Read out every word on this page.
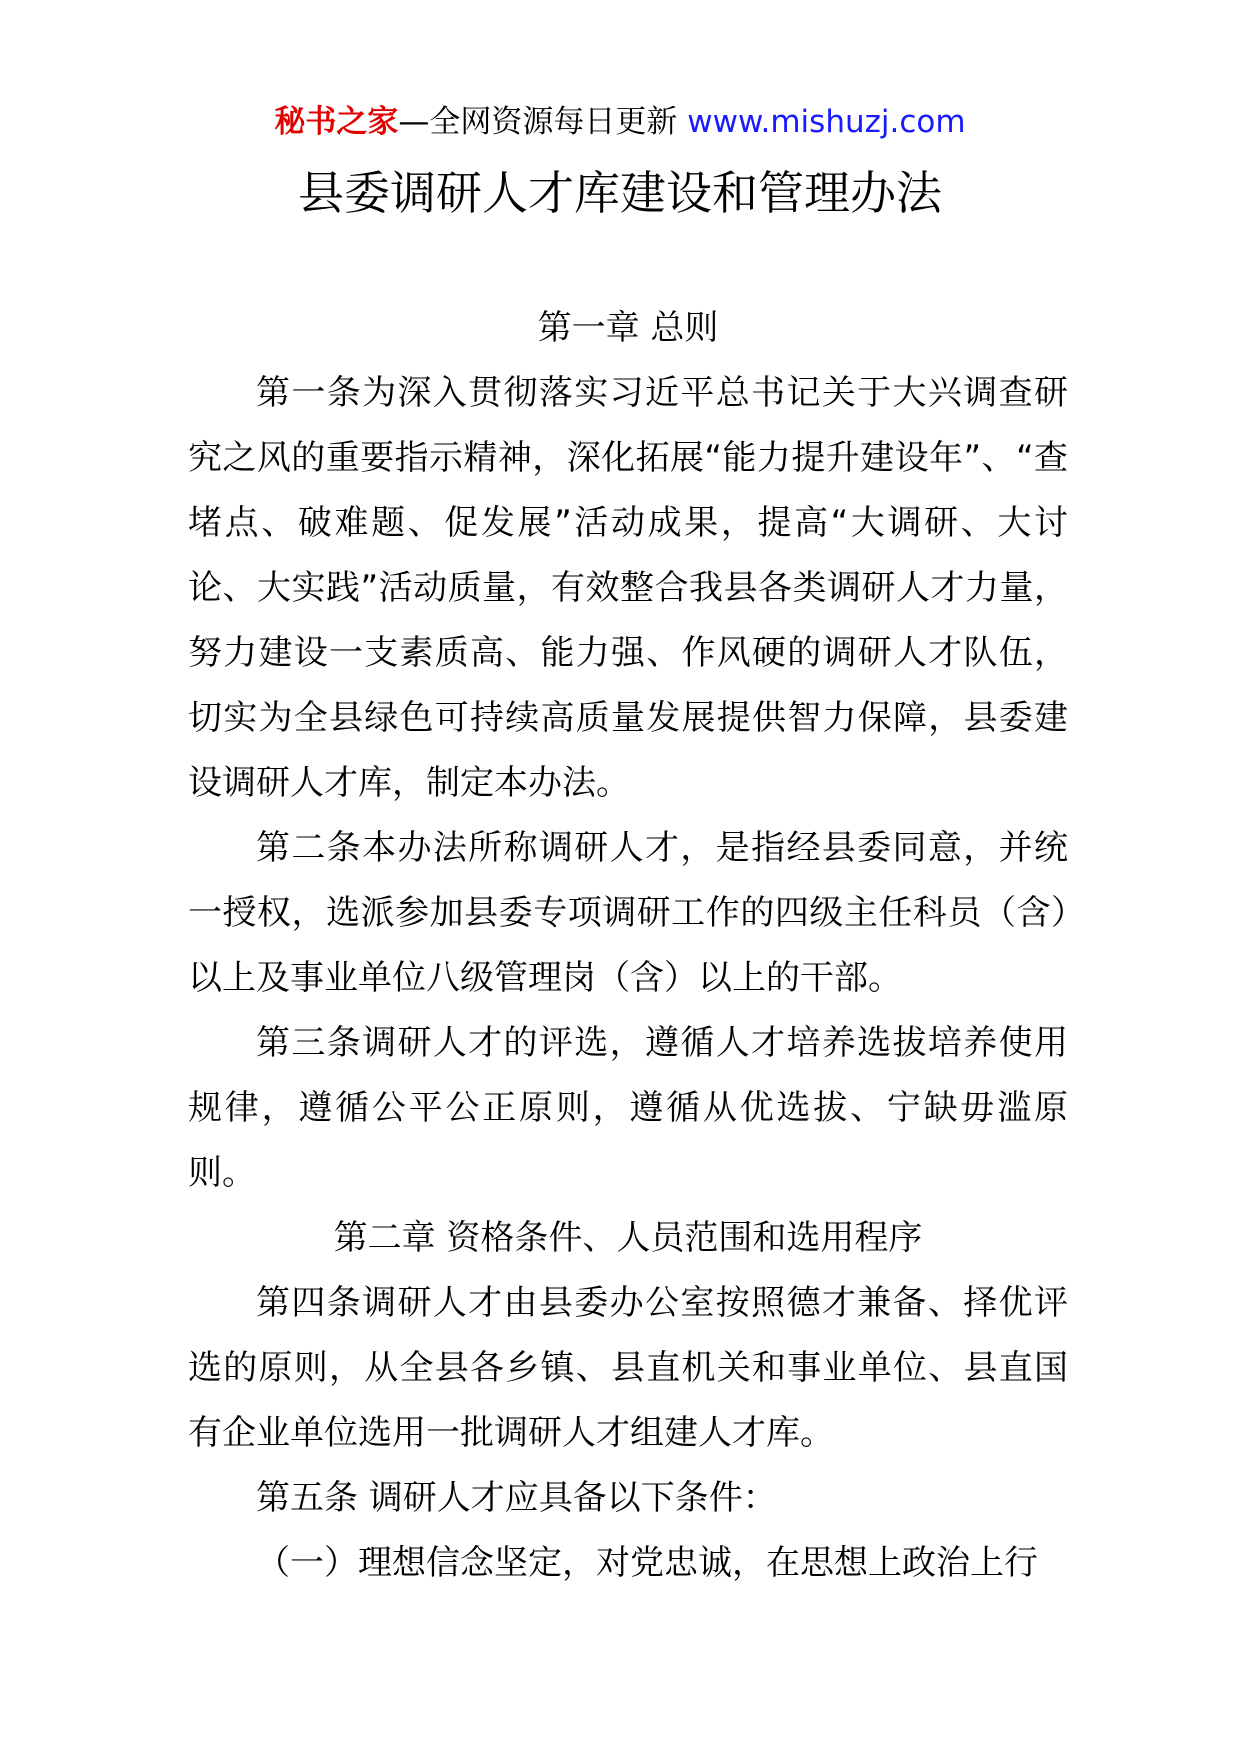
秘书之家—全网资源每日更新 www.mishuzj.com
县委调研人才库建设和管理办法

第一章 总则

第一条为深入贯彻落实习近平总书记关于大兴调查研究之风的重要指示精神，深化拓展“能力提升建设年”、“查堵点、破难题、促发展”活动成果，提高“大调研、大讨论、大实践”活动质量，有效整合我县各类调研人才力量，努力建设一支素质高、能力强、作风硬的调研人才队伍，切实为全县绿色可持续高质量发展提供智力保障，县委建设调研人才库，制定本办法。

第二条本办法所称调研人才，是指经县委同意，并统一授权，选派参加县委专项调研工作的四级主任科员（含）以上及事业单位八级管理岗（含）以上的干部。

第三条调研人才的评选，遵循人才培养选拔培养使用规律，遵循公平公正原则，遵循从优选拔、宁缺毋滥原则。

第二章 资格条件、人员范围和选用程序

第四条调研人才由县委办公室按照德才兼备、择优评选的原则，从全县各乡镇、县直机关和事业单位、县直国有企业单位选用一批调研人才组建人才库。

第五条 调研人才应具备以下条件：

（一）理想信念坚定，对党忠诚，在思想上政治上行
